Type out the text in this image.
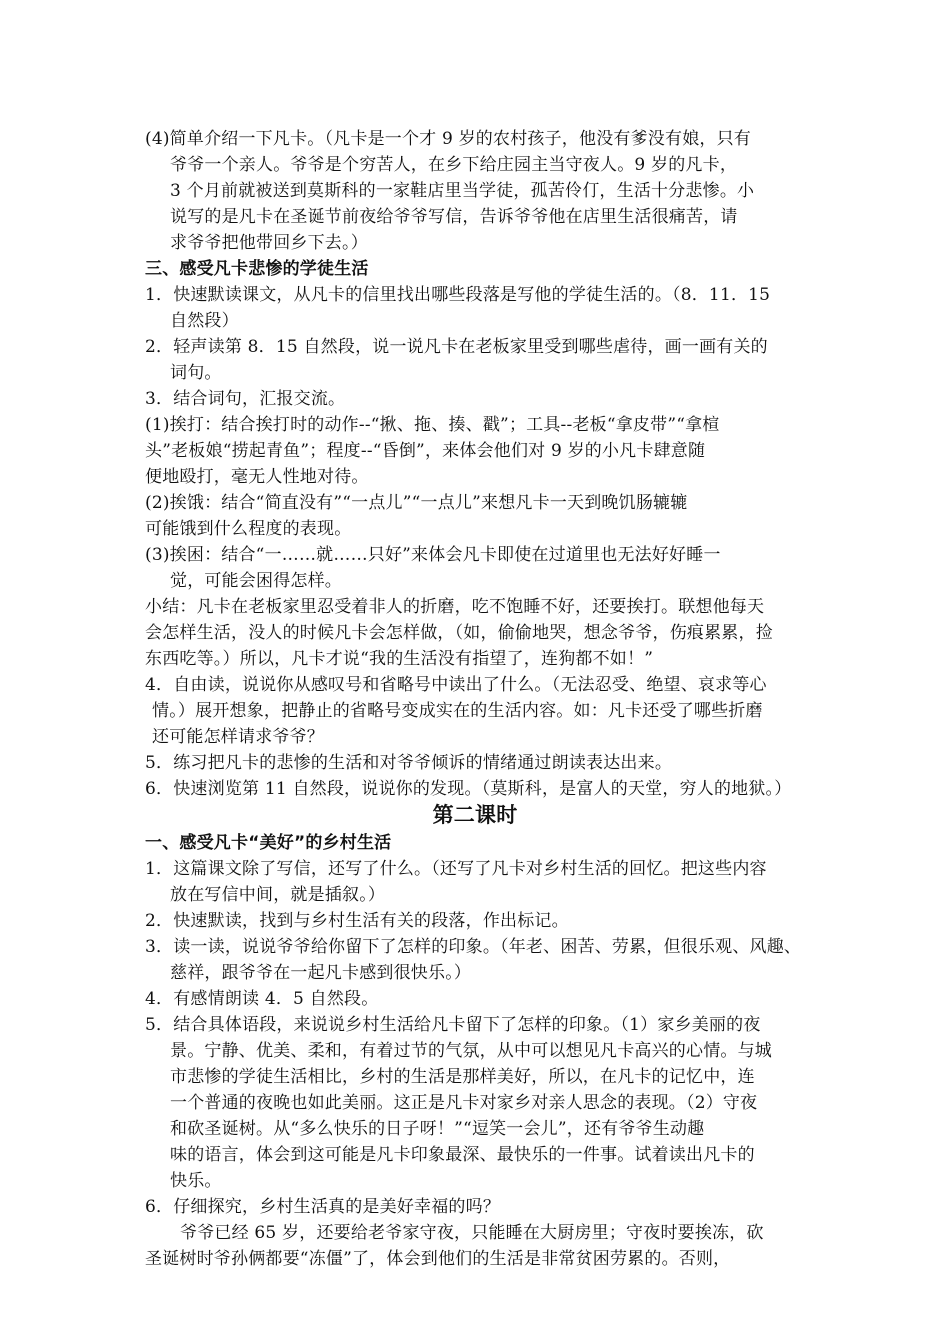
(4)简单介绍一下凡卡。（凡卡是一个才 9 岁的农村孩子，他没有爹没有娘，只有
爷爷一个亲人。爷爷是个穷苦人，在乡下给庄园主当守夜人。9 岁的凡卡，
3 个月前就被送到莫斯科的一家鞋店里当学徒，孤苦伶仃，生活十分悲惨。小
说写的是凡卡在圣诞节前夜给爷爷写信，告诉爷爷他在店里生活很痛苦，请
求爷爷把他带回乡下去。）
三、感受凡卡悲惨的学徒生活
1．快速默读课文，从凡卡的信里找出哪些段落是写他的学徒生活的。（8．11．15
自然段）
2．轻声读第 8．15 自然段，说一说凡卡在老板家里受到哪些虐待，画一画有关的
词句。
3．结合词句，汇报交流。
(1)挨打：结合挨打时的动作--“揪、拖、揍、戳”；工具--老板“拿皮带”“拿楦
头”老板娘“捞起青鱼”；程度--“昏倒”，来体会他们对 9 岁的小凡卡肆意随
便地殴打，毫无人性地对待。
(2)挨饿：结合“简直没有”“一点儿”“一点儿”来想凡卡一天到晚饥肠辘辘
可能饿到什么程度的表现。
(3)挨困：结合“一……就……只好”来体会凡卡即使在过道里也无法好好睡一
觉，可能会困得怎样。
小结：凡卡在老板家里忍受着非人的折磨，吃不饱睡不好，还要挨打。联想他每天
会怎样生活，没人的时候凡卡会怎样做，（如，偷偷地哭，想念爷爷，伤痕累累，捡
东西吃等。）所以，凡卡才说“我的生活没有指望了，连狗都不如！”
4．自由读，说说你从感叹号和省略号中读出了什么。（无法忍受、绝望、哀求等心
情。）展开想象，把静止的省略号变成实在的生活内容。如：凡卡还受了哪些折磨
还可能怎样请求爷爷？
5．练习把凡卡的悲惨的生活和对爷爷倾诉的情绪通过朗读表达出来。
6．快速浏览第 11 自然段，说说你的发现。（莫斯科，是富人的天堂，穷人的地狱。）
第二课时
一、感受凡卡“美好”的乡村生活
1．这篇课文除了写信，还写了什么。（还写了凡卡对乡村生活的回忆。把这些内容
放在写信中间，就是插叙。）
2．快速默读，找到与乡村生活有关的段落，作出标记。
3．读一读，说说爷爷给你留下了怎样的印象。（年老、困苦、劳累，但很乐观、风趣、
慈祥，跟爷爷在一起凡卡感到很快乐。）
4．有感情朗读 4．5 自然段。
5．结合具体语段，来说说乡村生活给凡卡留下了怎样的印象。（1）家乡美丽的夜
景。宁静、优美、柔和，有着过节的气氛，从中可以想见凡卡高兴的心情。与城
市悲惨的学徒生活相比，乡村的生活是那样美好，所以，在凡卡的记忆中，连
一个普通的夜晚也如此美丽。这正是凡卡对家乡对亲人思念的表现。（2）守夜
和砍圣诞树。从“多么快乐的日子呀！”“逗笑一会儿”，还有爷爷生动趣
味的语言，体会到这可能是凡卡印象最深、最快乐的一件事。试着读出凡卡的
快乐。
6．仔细探究，乡村生活真的是美好幸福的吗？
爷爷已经 65 岁，还要给老爷家守夜，只能睡在大厨房里；守夜时要挨冻，砍
圣诞树时爷孙俩都要“冻僵”了，体会到他们的生活是非常贫困劳累的。否则，
